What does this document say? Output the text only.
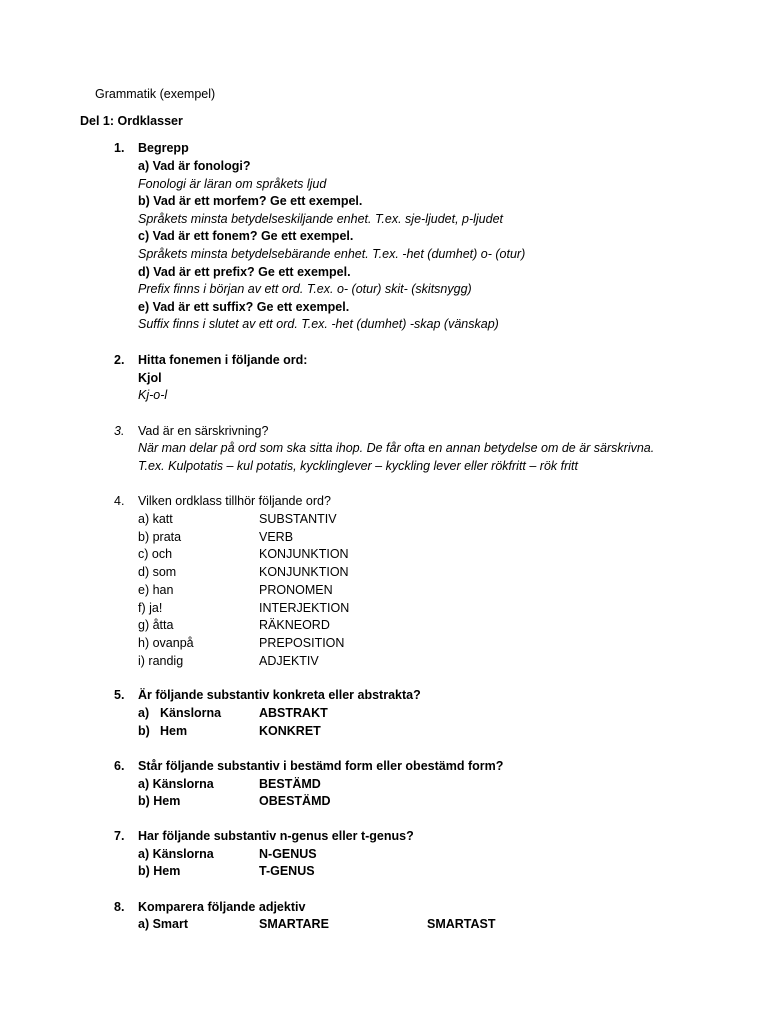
Grammatik (exempel)
Del 1: Ordklasser
1. Begrepp
a) Vad är fonologi?
Fonologi är läran om språkets ljud
b) Vad är ett morfem? Ge ett exempel.
Språkets minsta betydelseskiljande enhet. T.ex. sje-ljudet, p-ljudet
c) Vad är ett fonem? Ge ett exempel.
Språkets minsta betydelsebärande enhet. T.ex. -het (dumhet) o- (otur)
d) Vad är ett prefix? Ge ett exempel.
Prefix finns i början av ett ord. T.ex. o- (otur) skit- (skitsnygg)
e) Vad är ett suffix? Ge ett exempel.
Suffix finns i slutet av ett ord. T.ex. -het (dumhet) -skap (vänskap)
2. Hitta fonemen i följande ord:
Kjol
Kj-o-l
3. Vad är en särskrivning?
När man delar på ord som ska sitta ihop. De får ofta en annan betydelse om de är särskrivna.
T.ex. Kulpotatis – kul potatis, kycklinglever – kyckling lever eller rökfritt – rök fritt
4. Vilken ordklass tillhör följande ord?
a) katt	SUBSTANTIV
b) prata	VERB
c) och	KONJUNKTION
d) som	KONJUNKTION
e) han	PRONOMEN
f) ja!	INTERJEKTION
g) åtta	RÄKNEORD
h) ovanpå	PREPOSITION
i) randig	ADJEKTIV
5. Är följande substantiv konkreta eller abstrakta?
a) Känslorna	ABSTRAKT
b) Hem	KONKRET
6. Står följande substantiv i bestämd form eller obestämd form?
a) Känslorna	BESTÄMD
b) Hem	OBESTÄMD
7. Har följande substantiv n-genus eller t-genus?
a) Känslorna	N-GENUS
b) Hem	T-GENUS
8. Komparera följande adjektiv
a) Smart	SMARTARE	SMARTAST
